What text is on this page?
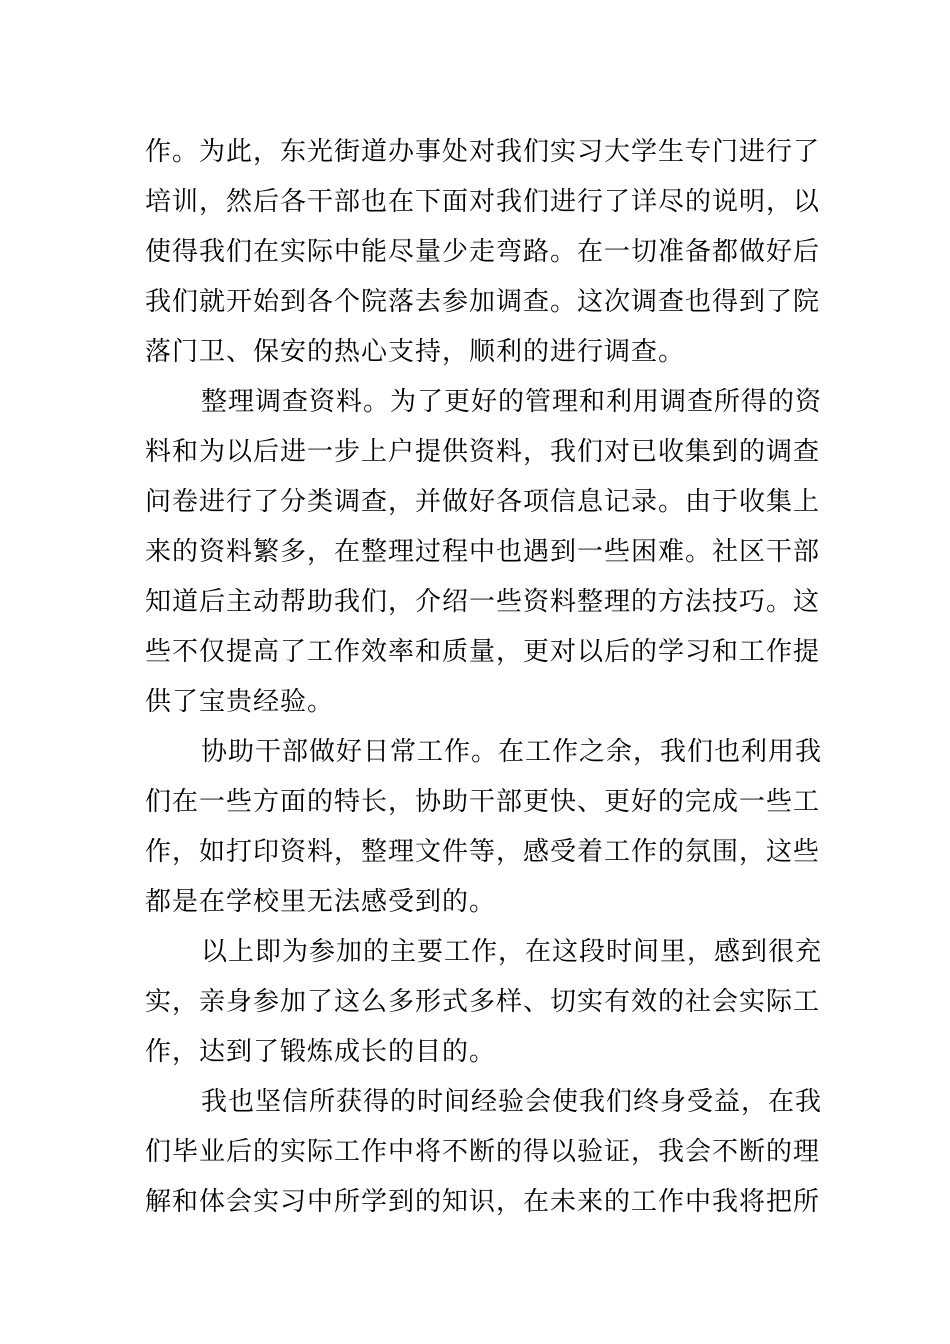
作。为此，东光街道办事处对我们实习大学生专门进行了
培训，然后各干部也在下面对我们进行了详尽的说明，以
使得我们在实际中能尽量少走弯路。在一切准备都做好后
我们就开始到各个院落去参加调查。这次调查也得到了院
落门卫、保安的热心支持，顺利的进行调查。
整理调查资料。为了更好的管理和利用调查所得的资
料和为以后进一步上户提供资料，我们对已收集到的调查
问卷进行了分类调查，并做好各项信息记录。由于收集上
来的资料繁多，在整理过程中也遇到一些困难。社区干部
知道后主动帮助我们，介绍一些资料整理的方法技巧。这
些不仅提高了工作效率和质量，更对以后的学习和工作提
供了宝贵经验。
协助干部做好日常工作。在工作之余，我们也利用我
们在一些方面的特长，协助干部更快、更好的完成一些工
作，如打印资料，整理文件等，感受着工作的氛围，这些
都是在学校里无法感受到的。
以上即为参加的主要工作，在这段时间里，感到很充
实，亲身参加了这么多形式多样、切实有效的社会实际工
作，达到了锻炼成长的目的。
我也坚信所获得的时间经验会使我们终身受益，在我
们毕业后的实际工作中将不断的得以验证，我会不断的理
解和体会实习中所学到的知识，在未来的工作中我将把所
